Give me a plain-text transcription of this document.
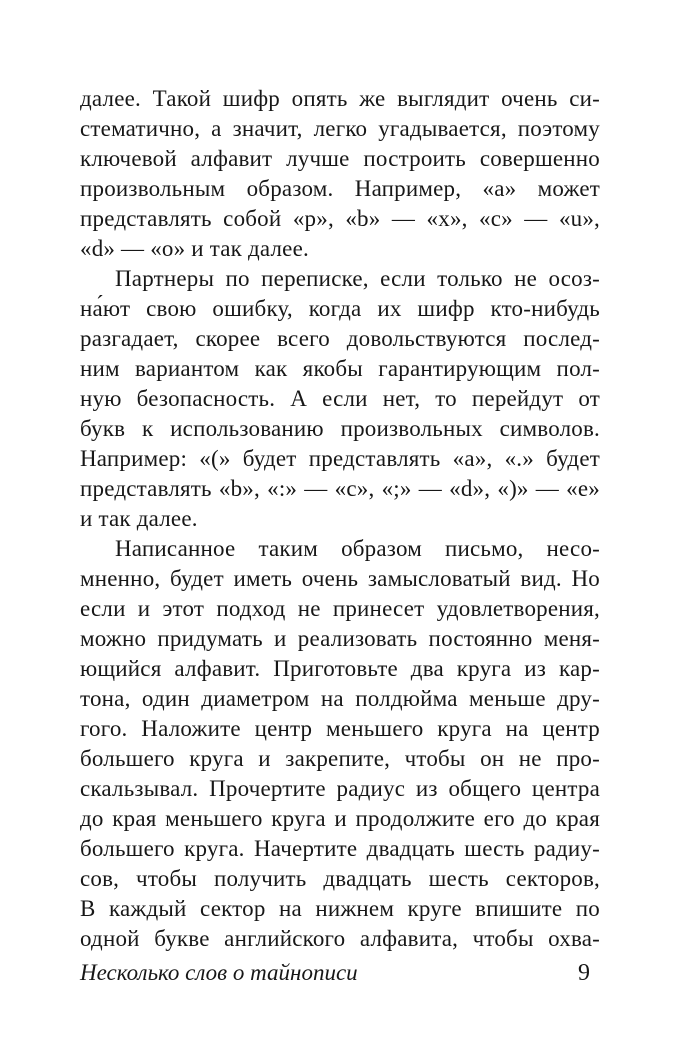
далее. Такой шифр опять же выглядит очень си-
стематично, а значит, легко угадывается, поэтому
ключевой алфавит лучше построить совершенно
произвольным образом. Например, «a» может
представлять собой «p», «b» — «x», «c» — «u»,
«d» — «o» и так далее.
Партнеры по переписке, если только не осоз-
на́ют свою ошибку, когда их шифр кто-нибудь
разгадает, скорее всего довольствуются послед-
ним вариантом как якобы гарантирующим пол-
ную безопасность. А если нет, то перейдут от
букв к использованию произвольных символов.
Например: «(» будет представлять «a», «.» будет
представлять «b», «:» — «c», «;» — «d», «)» — «e»
и так далее.
Написанное таким образом письмо, несо-
мненно, будет иметь очень замысловатый вид. Но
если и этот подход не принесет удовлетворения,
можно придумать и реализовать постоянно меня-
ющийся алфавит. Приготовьте два круга из кар-
тона, один диаметром на полдюйма меньше дру-
гого. Наложите центр меньшего круга на центр
большего круга и закрепите, чтобы он не про-
скальзывал. Прочертите радиус из общего центра
до края меньшего круга и продолжите его до края
большего круга. Начертите двадцать шесть радиу-
сов, чтобы получить двадцать шесть секторов,
В каждый сектор на нижнем круге впишите по
одной букве английского алфавита, чтобы охва-
Несколько слов о тайнописи	9
